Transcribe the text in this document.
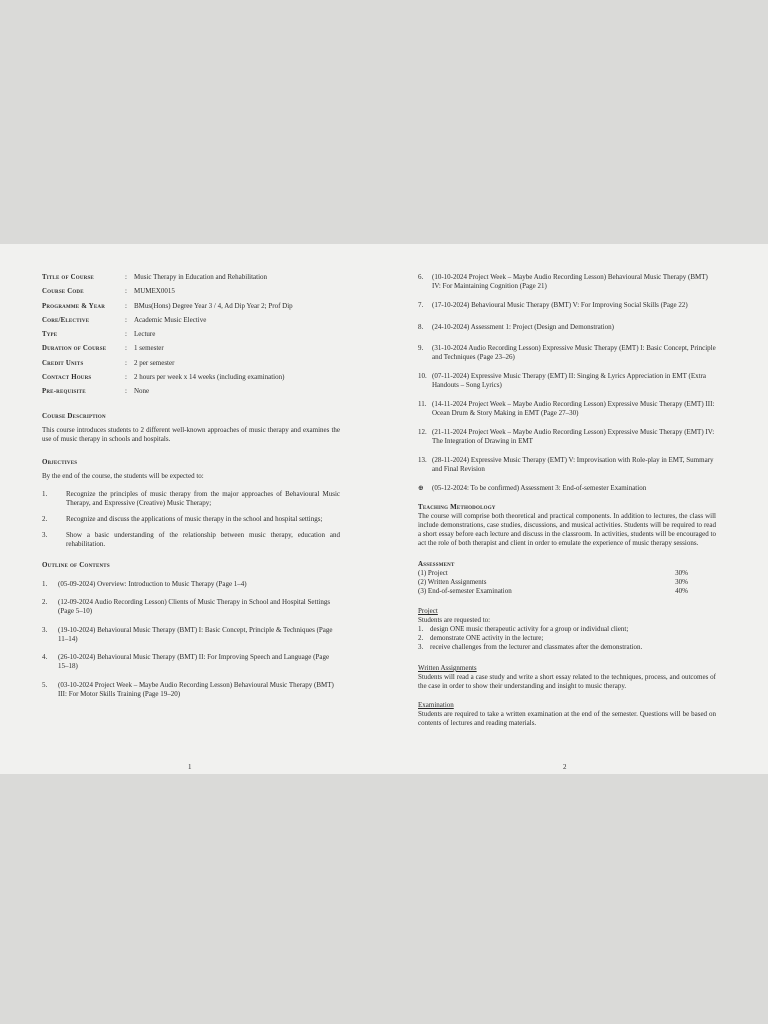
Title of Course	:	Music Therapy in Education and Rehabilitation
Course Code	:	MUMEX0015
Programme & Year	:	BMus(Hons) Degree Year 3 / 4, Ad Dip Year 2; Prof Dip
Core/Elective	:	Academic Music Elective
Type	:	Lecture
Duration of Course	:	1 semester
Credit Units	:	2 per semester
Contact Hours	:	2 hours per week x 14 weeks (including examination)
Pre-requisite	:	None
Course Description

This course introduces students to 2 different well-known approaches of music therapy and examines the use of music therapy in schools and hospitals.

Objectives

By the end of the course, the students will be expected to:

1.	Recognize the principles of music therapy from the major approaches of Behavioural Music Therapy, and Expressive (Creative) Music Therapy;
2.	Recognize and discuss the applications of music therapy in the school and hospital settings;
3.	Show a basic understanding of the relationship between music therapy, education and rehabilitation.
Outline of Contents
1.	(05-09-2024) Overview: Introduction to Music Therapy (Page 1–4)
2.	(12-09-2024 Audio Recording Lesson) Clients of Music Therapy in School and Hospital Settings (Page 5–10)
3.	(19-10-2024) Behavioural Music Therapy (BMT) I: Basic Concept, Principle & Techniques (Page 11–14)
4.	(26-10-2024) Behavioural Music Therapy (BMT) II: For Improving Speech and Language (Page 15–18)
5.	(03-10-2024 Project Week – Maybe Audio Recording Lesson) Behavioural Music Therapy (BMT) III: For Motor Skills Training (Page 19–20)
1
6.	(10-10-2024 Project Week – Maybe Audio Recording Lesson) Behavioural Music Therapy (BMT) IV: For Maintaining Cognition (Page 21)
7.	(17-10-2024) Behavioural Music Therapy (BMT) V: For Improving Social Skills (Page 22)
8.	(24-10-2024) Assessment 1: Project (Design and Demonstration)
9.	(31-10-2024 Audio Recording Lesson) Expressive Music Therapy (EMT) I: Basic Concept, Principle and Techniques (Page 23–26)
10. (07-11-2024) Expressive Music Therapy (EMT) II: Singing & Lyrics Appreciation in EMT (Extra Handouts – Song Lyrics)
11. (14-11-2024 Project Week – Maybe Audio Recording Lesson) Expressive Music Therapy (EMT) III: Ocean Drum & Story Making in EMT (Page 27–30)
12. (21-11-2024 Project Week – Maybe Audio Recording Lesson) Expressive Music Therapy (EMT) IV: The Integration of Drawing in EMT
13. (28-11-2024) Expressive Music Therapy (EMT) V: Improvisation with Role-play in EMT, Summary and Final Revision
⊕	(05-12-2024: To be confirmed) Assessment 3: End-of-semester Examination
Teaching Methodology

The course will comprise both theoretical and practical components. In addition to lectures, the class will include demonstrations, case studies, discussions, and musical activities. Students will be required to read a short essay before each lecture and discuss in the classroom. In activities, students will be encouraged to act the role of both therapist and client in order to emulate the experience of music therapy sessions.

Assessment
(1) Project	30%
(2) Written Assignments	30%
(3) End-of-semester Examination	40%
Project

Students are requested to:

1. design ONE music therapeutic activity for a group or individual client;
2. demonstrate ONE activity in the lecture;
3. receive challenges from the lecturer and classmates after the demonstration.
Written Assignments

Students will read a case study and write a short essay related to the techniques, process, and outcomes of the case in order to show their understanding and insight to music therapy.

Examination

Students are required to take a written examination at the end of the semester. Questions will be based on contents of lectures and reading materials.

2
